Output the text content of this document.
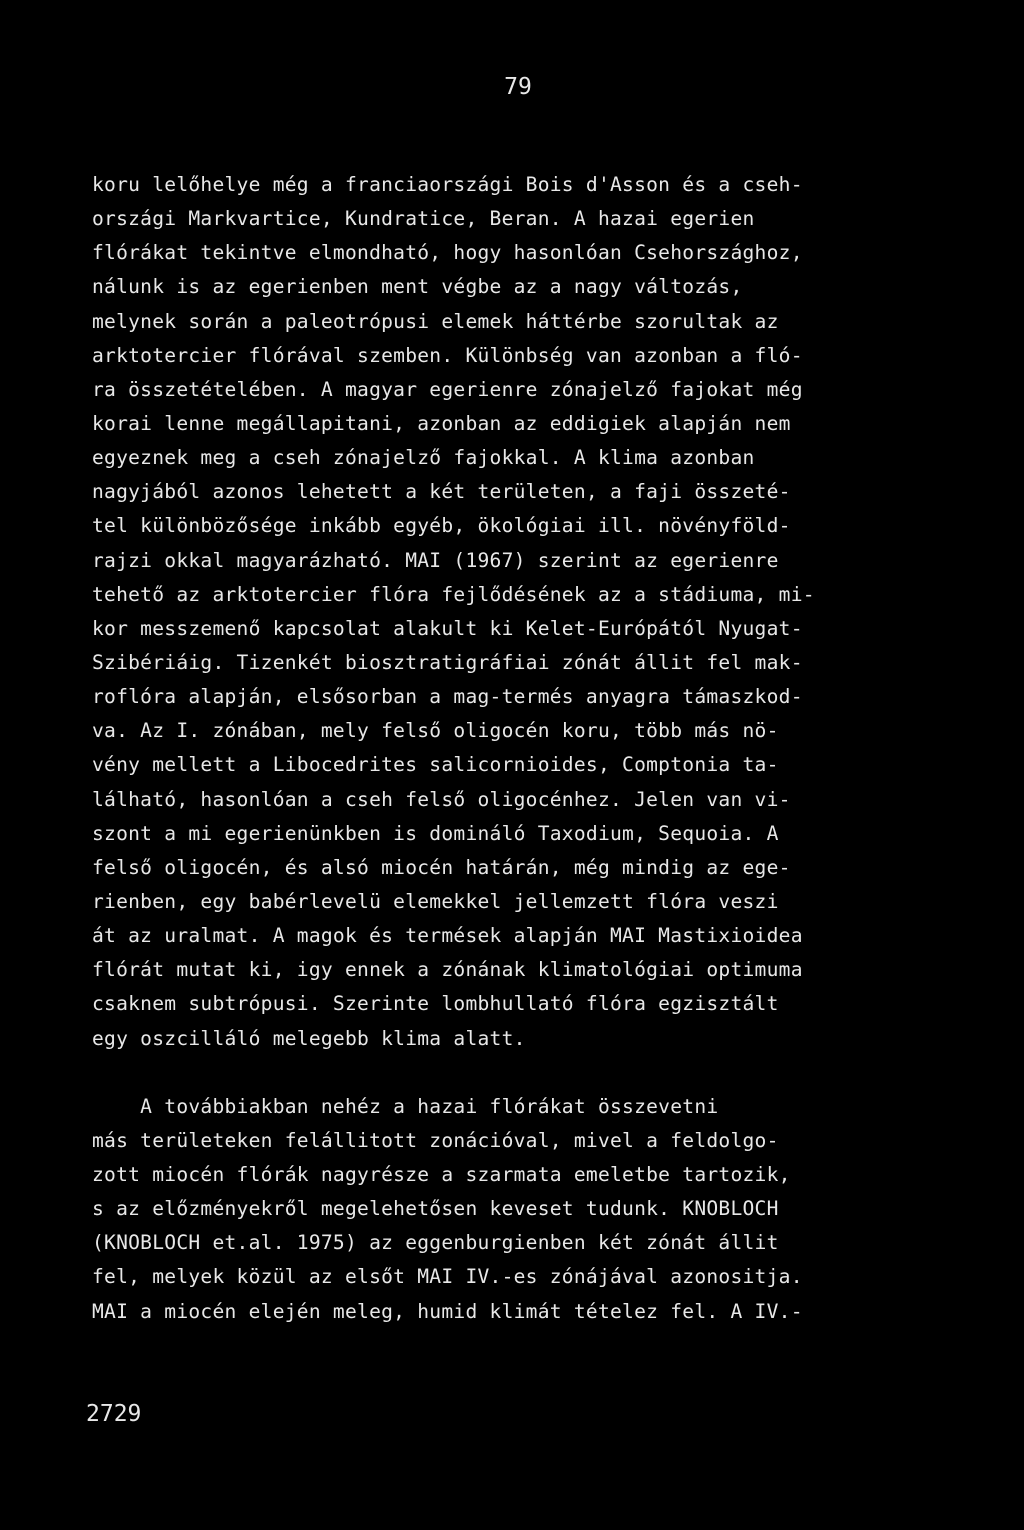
79
koru lelőhelye még a franciaországi Bois d'Asson és a cseh-
országi Markvartice, Kundratice, Beran. A hazai egerien
flórákat tekintve elmondható, hogy hasonlóan Csehországhoz,
nálunk is az egerienben ment végbe az a nagy változás,
melynek során a paleotrópusi elemek háttérbe szorultak az
arktotercier flórával szemben. Különbség van azonban a fló-
ra összetételében. A magyar egerienre zónajelző fajokat még
korai lenne megállapitani, azonban az eddigiek alapján nem
egyeznek meg a cseh zónajelző fajokkal. A klima azonban
nagyjából azonos lehetett a két területen, a faji összeté-
tel különbözősége inkább egyéb, ökológiai ill. növényföld-
rajzi okkal magyarázható. MAI (1967) szerint az egerienre
tehető az arktotercier flóra fejlődésének az a stádiuma, mi-
kor messzemenő kapcsolat alakult ki Kelet-Európától Nyugat-
Szibériáig. Tizenkét biosztratigráfiai zónát állit fel mak-
roflóra alapján, elsősorban a mag-termés anyagra támaszkod-
va. Az I. zónában, mely felső oligocén koru, több más nö-
vény mellett a Libocedrites salicornioides, Comptonia ta-
lálható, hasonlóan a cseh felső oligocénhez. Jelen van vi-
szont a mi egerienünkben is domináló Taxodium, Sequoia. A
felső oligocén, és alsó miocén határán, még mindig az ege-
rienben, egy babérlevelü elemekkel jellemzett flóra veszi
át az uralmat. A magok és termések alapján MAI Mastixioidea
flórát mutat ki, igy ennek a zónának klimatológiai optimuma
csaknem subtrópusi. Szerinte lombhullató flóra egzisztált
egy oszcilláló melegebb klima alatt.
A továbbiakban nehéz a hazai flórákat összevetni
más területeken felállitott zonációval, mivel a feldolgo-
zott miocén flórák nagyrésze a szarmata emeletbe tartozik,
s az előzményekről megelehetősen keveset tudunk. KNOBLOCH
(KNOBLOCH et.al. 1975) az eggenburgienben két zónát állit
fel, melyek közül az elsőt MAI IV.-es zónájával azonositja.
MAI a miocén elején meleg, humid klimát tételez fel. A IV.-
2729
